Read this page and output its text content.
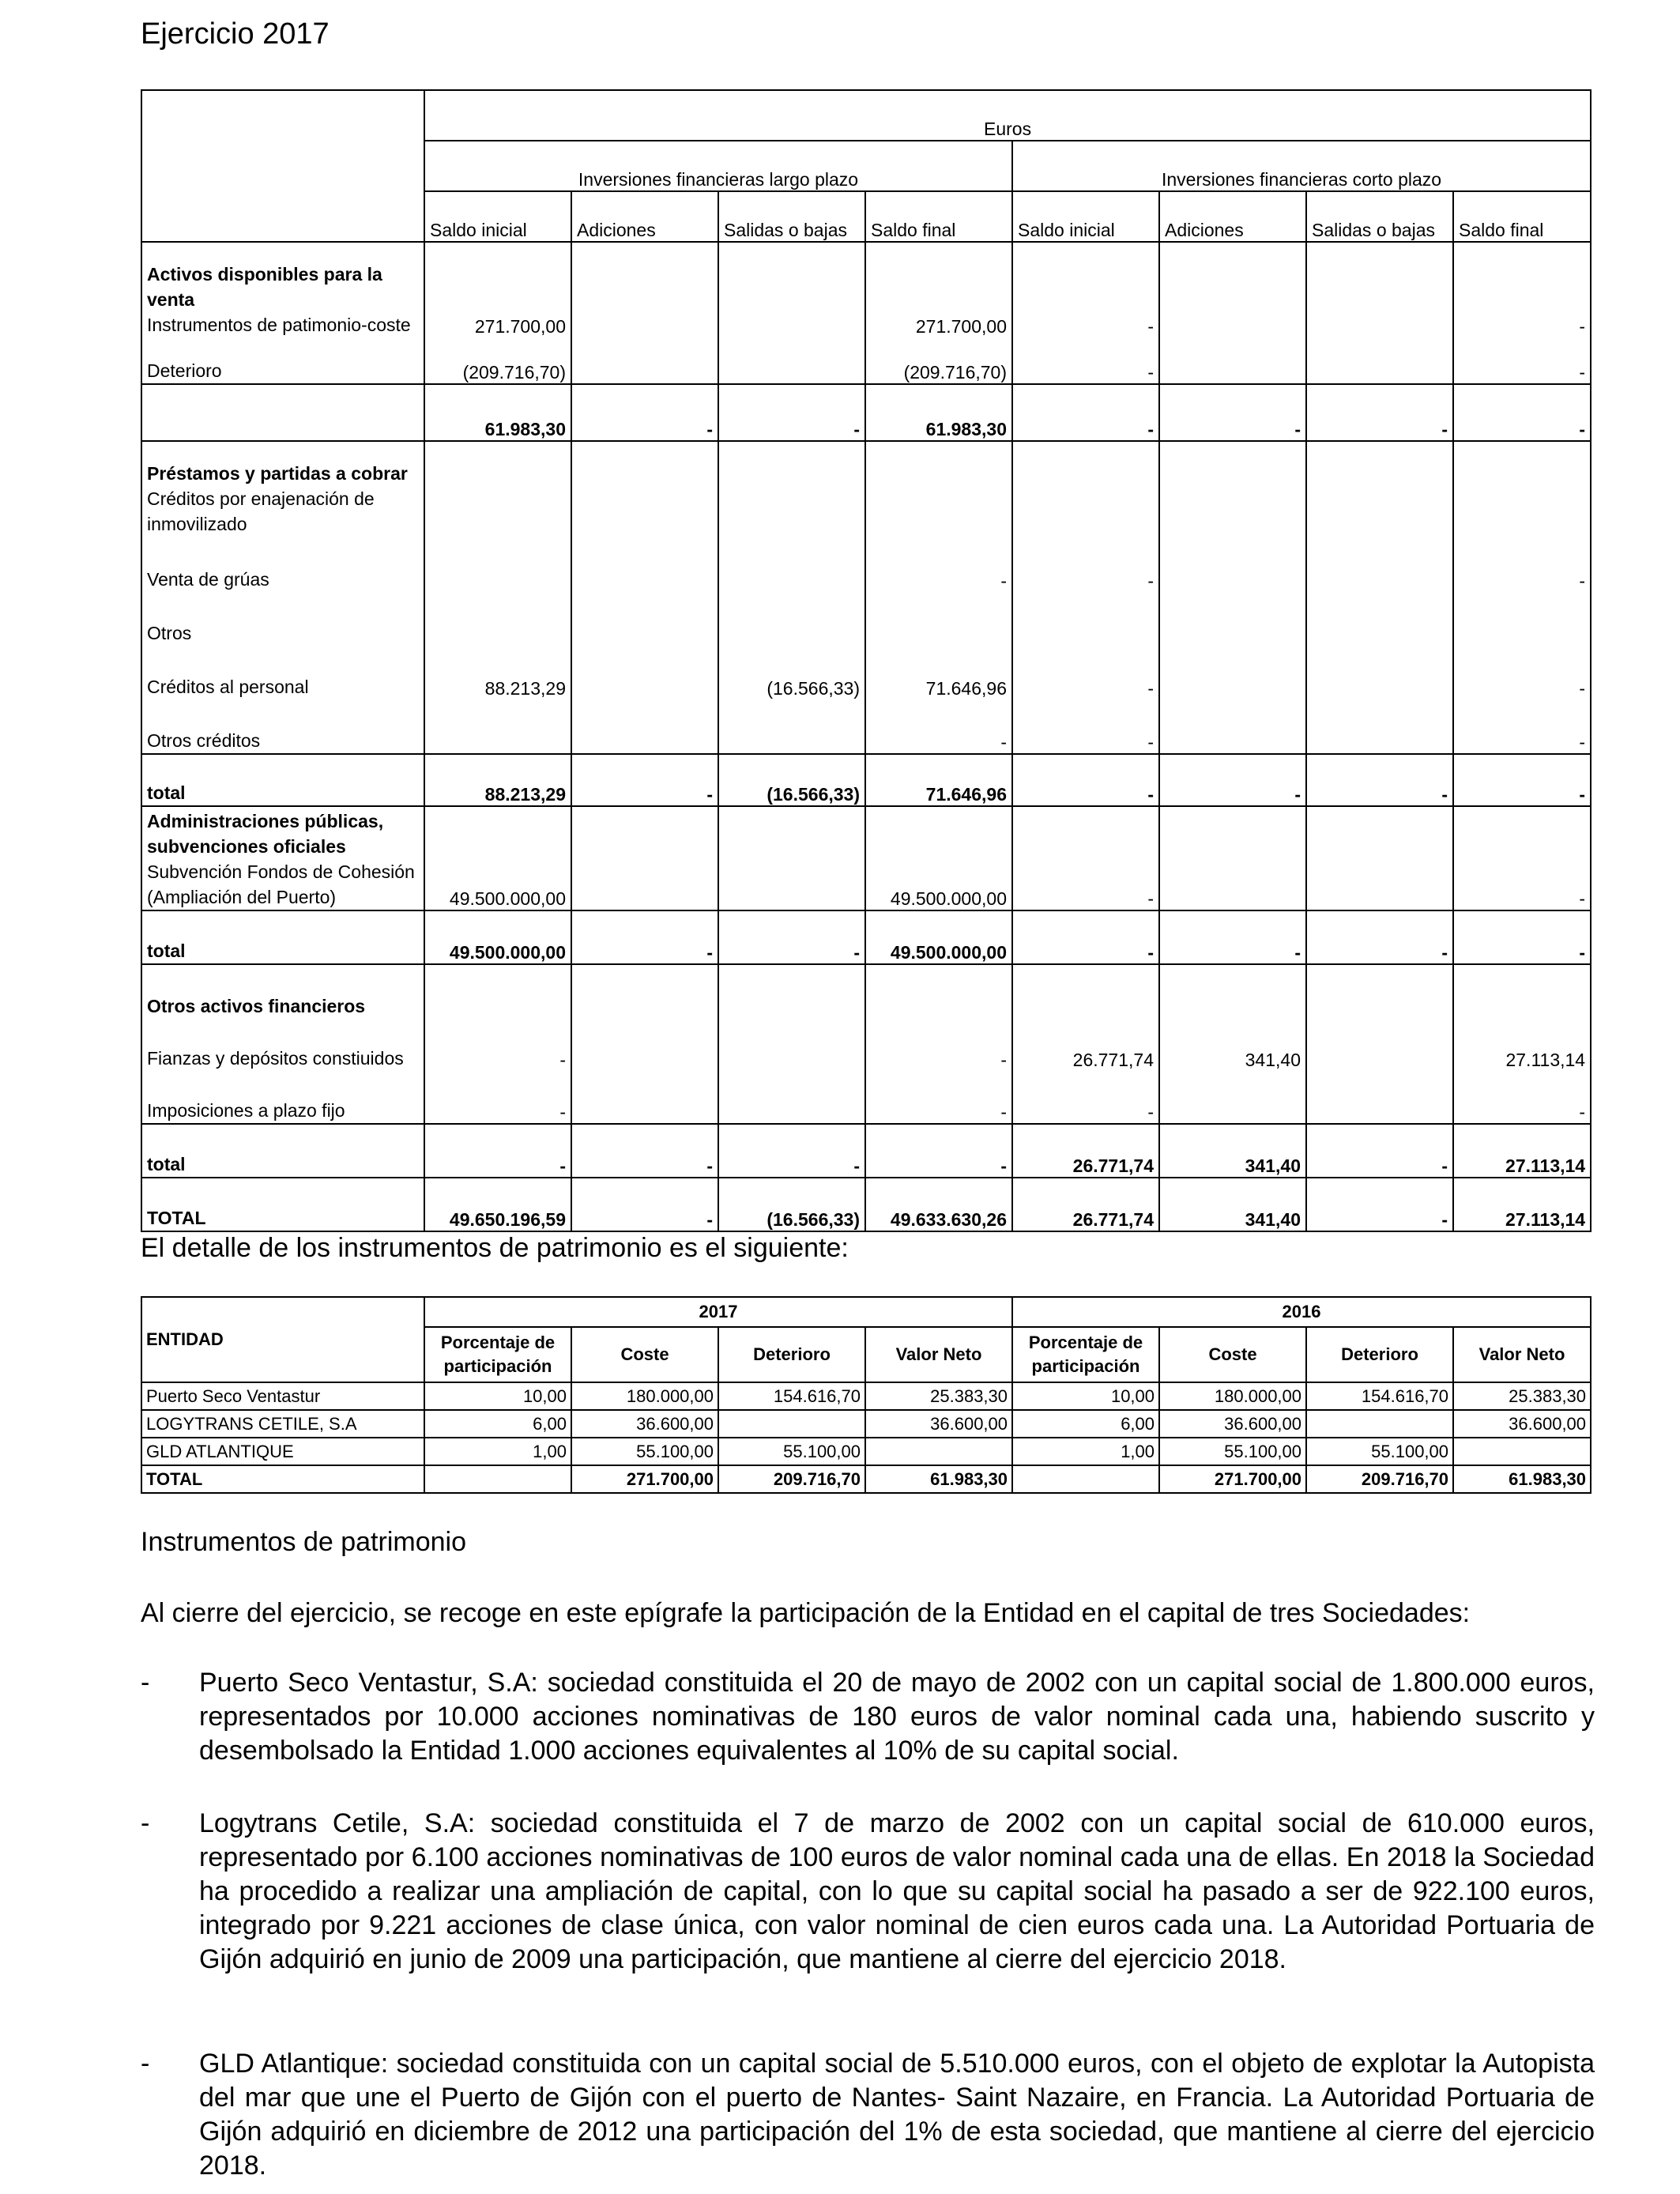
Ejercicio 2017
	Euros							
	Inversiones financieras largo plazo				Inversiones financieras corto plazo			
	Saldo inicial	Adiciones	Salidas o bajas	Saldo final	Saldo inicial	Adiciones	Salidas o bajas	Saldo final

Activos disponibles para la venta
Instrumentos de patimonio-coste	271.700,00			271.700,00	-			-
Deterioro	(209.716,70)			(209.716,70)	-			-
	61.983,30	-	-	61.983,30	-	-	-	-

Préstamos y partidas a cobrar
Créditos por enajenación de inmovilizado								

Venta de grúas				-	-			-
Otros								
Créditos al personal	88.213,29		(16.566,33)	71.646,96	-			-
Otros créditos				-	-			-
total	88.213,29	-	(16.566,33)	71.646,96	-	-	-	-

Administraciones públicas, subvenciones oficiales
Subvención Fondos de Cohesión (Ampliación del Puerto)	49.500.000,00			49.500.000,00	-			-
total	49.500.000,00	-	-	49.500.000,00	-	-	-	-
Otros activos financieros								
Fianzas y depósitos constiuidos	-			-	26.771,74	341,40		27.113,14
Imposiciones a plazo fijo	-			-	-			-
total	-	-	-	-	26.771,74	341,40	-	27.113,14
TOTAL	49.650.196,59	-	(16.566,33)	49.633.630,26	26.771,74	341,40	-	27.113,14
El detalle de los instrumentos de patrimonio es el siguiente:
ENTIDAD	2017				2016			
	Porcentaje de participación	Coste	Deterioro	Valor Neto	Porcentaje de participación	Coste	Deterioro	Valor Neto
Puerto Seco Ventastur	10,00	180.000,00	154.616,70	25.383,30	10,00	180.000,00	154.616,70	25.383,30
LOGYTRANS CETILE, S.A	6,00	36.600,00		36.600,00	6,00	36.600,00		36.600,00
GLD ATLANTIQUE	1,00	55.100,00	55.100,00		1,00	55.100,00	55.100,00	
TOTAL		271.700,00	209.716,70	61.983,30		271.700,00	209.716,70	61.983,30
Instrumentos de patrimonio
Al cierre del ejercicio, se recoge en este epígrafe la participación de la Entidad en el capital de tres Sociedades:
- Puerto Seco Ventastur, S.A: sociedad constituida el 20 de mayo de 2002 con un capital social de 1.800.000 euros, representados por 10.000 acciones nominativas de 180 euros de valor nominal cada una, habiendo suscrito y desembolsado la Entidad 1.000 acciones equivalentes al 10% de su capital social.
- Logytrans Cetile, S.A: sociedad constituida el 7 de marzo de 2002 con un capital social de 610.000 euros, representado por 6.100 acciones nominativas de 100 euros de valor nominal cada una de ellas. En 2018 la Sociedad ha procedido a realizar una ampliación de capital, con lo que su capital social ha pasado a ser de 922.100 euros, integrado por 9.221 acciones de clase única, con valor nominal de cien euros cada una. La Autoridad Portuaria de Gijón adquirió en junio de 2009 una participación, que mantiene al cierre del ejercicio 2018.
- GLD Atlantique: sociedad constituida con un capital social de 5.510.000 euros, con el objeto de explotar la Autopista del mar que une el Puerto de Gijón con el puerto de Nantes- Saint Nazaire, en Francia. La Autoridad Portuaria de Gijón adquirió en diciembre de 2012 una participación del 1% de esta sociedad, que mantiene al cierre del ejercicio 2018.
